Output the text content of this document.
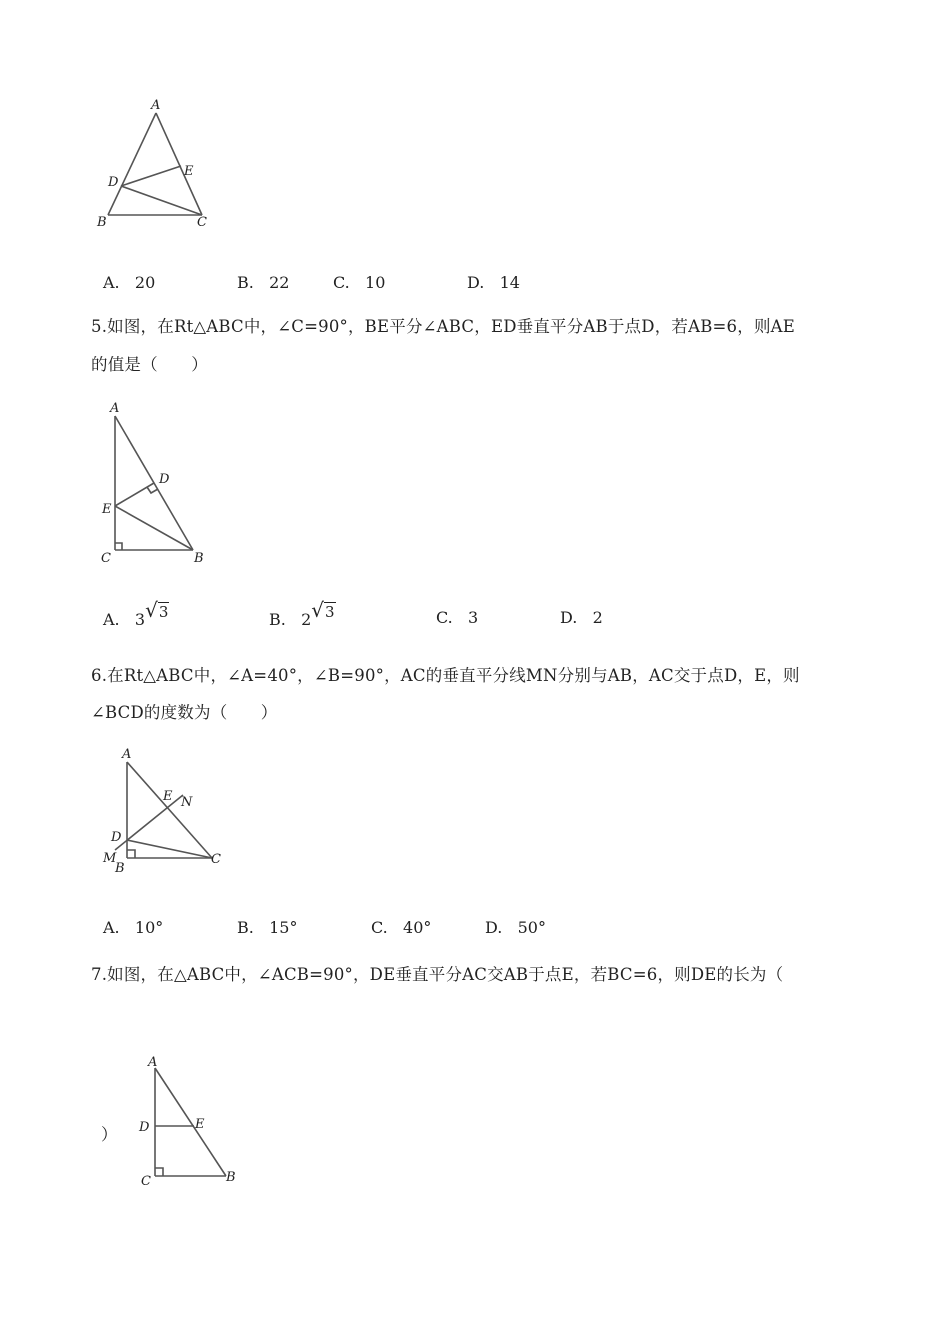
A
B	C
D
E
A. 20	B. 22	C. 10	D. 14
5.如图，在Rt△ABC中，∠C=90°，BE平分∠ABC，ED垂直平分AB于点D，若AB=6，则AE
的值是（　　）
A
C	B
E
D
A. 3√3	B. 2√3	C. 3	D. 2
6.在Rt△ABC中，∠A=40°，∠B=90°，AC的垂直平分线MN分别与AB，AC交于点D，E，则
∠BCD的度数为（　　）
A
E N
D
M
B
C
A. 10°	B. 15°	C. 40°	D. 50°
7.如图，在△ABC中，∠ACB=90°，DE垂直平分AC交AB于点E，若BC=6，则DE的长为（
A
D	E
C	B
）
